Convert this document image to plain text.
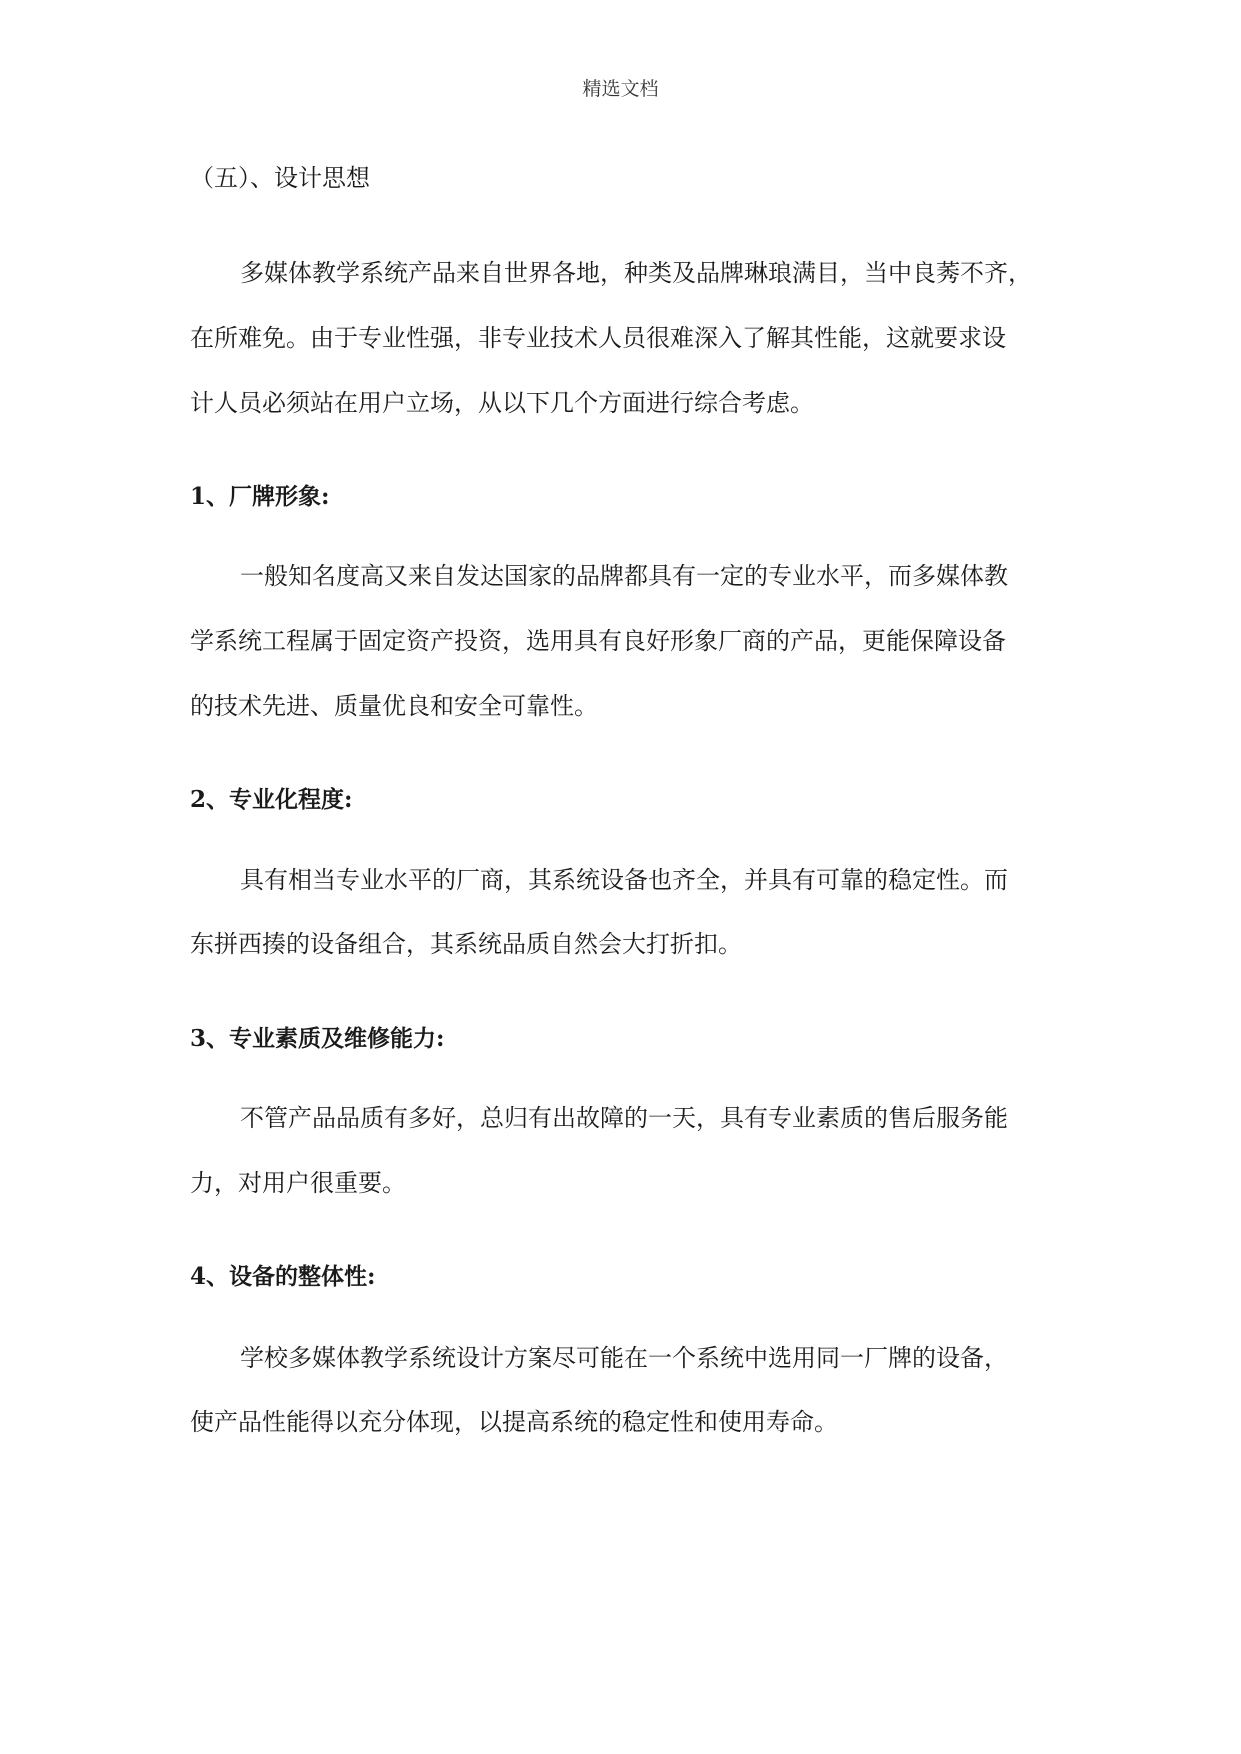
精选文档
（五）、设计思想
多媒体教学系统产品来自世界各地，种类及品牌琳琅满目，当中良莠不齐，
在所难免。由于专业性强，非专业技术人员很难深入了解其性能，这就要求设
计人员必须站在用户立场，从以下几个方面进行综合考虑。
1、厂牌形象:
一般知名度高又来自发达国家的品牌都具有一定的专业水平，而多媒体教
学系统工程属于固定资产投资，选用具有良好形象厂商的产品，更能保障设备
的技术先进、质量优良和安全可靠性。
2、专业化程度:
具有相当专业水平的厂商，其系统设备也齐全，并具有可靠的稳定性。而
东拼西揍的设备组合，其系统品质自然会大打折扣。
3、专业素质及维修能力:
不管产品品质有多好，总归有出故障的一天，具有专业素质的售后服务能
力，对用户很重要。
4、设备的整体性:
学校多媒体教学系统设计方案尽可能在一个系统中选用同一厂牌的设备，
使产品性能得以充分体现，以提高系统的稳定性和使用寿命。
